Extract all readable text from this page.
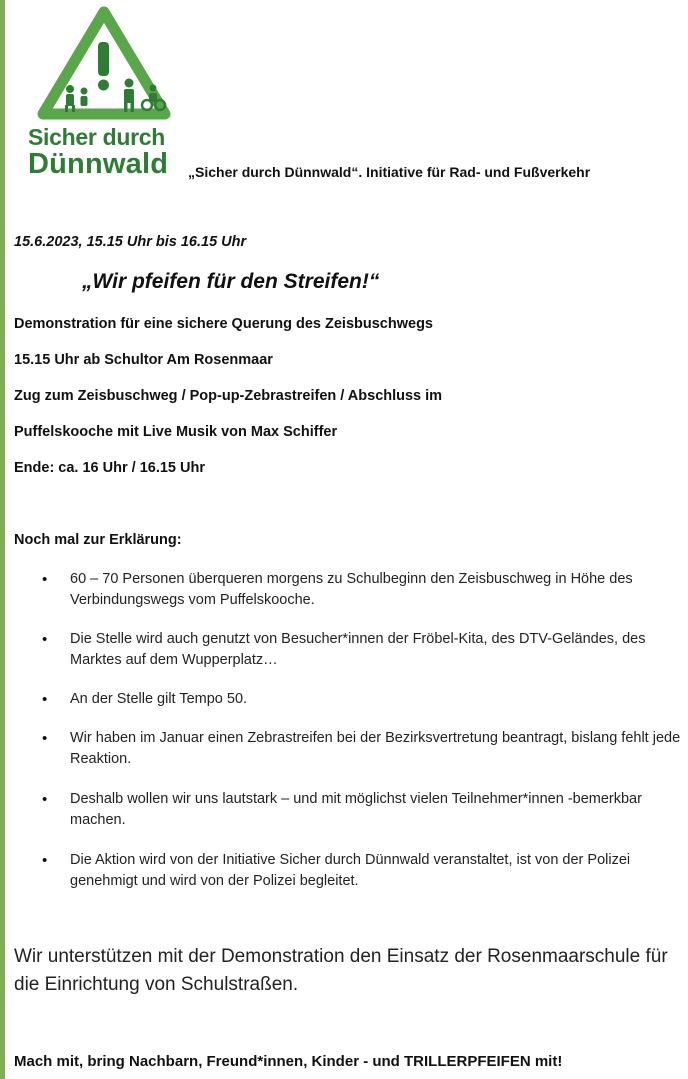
Sicher durch
Dünnwald „Sicher durch Dünnwald“. Initiative für Rad- und Fußverkehr
15.6.2023, 15.15 Uhr bis 16.15 Uhr
„Wir pfeifen für den Streifen!“
Demonstration für eine sichere Querung des Zeisbuschwegs
15.15 Uhr ab Schultor Am Rosenmaar
Zug zum Zeisbuschweg / Pop-up-Zebrastreifen / Abschluss im
Puffelskooche mit Live Musik von Max Schiffer
Ende: ca. 16 Uhr / 16.15 Uhr
Noch mal zur Erklärung:
• 60 – 70 Personen überqueren morgens zu Schulbeginn den Zeisbuschweg in Höhe des Verbindungswegs vom Puffelskooche.
• Die Stelle wird auch genutzt von Besucher*innen der Fröbel-Kita, des DTV-Geländes, des Marktes auf dem Wupperplatz…
• An der Stelle gilt Tempo 50.
• Wir haben im Januar einen Zebrastreifen bei der Bezirksvertretung beantragt, bislang fehlt jede Reaktion.
• Deshalb wollen wir uns lautstark – und mit möglichst vielen Teilnehmer*innen -bemerkbar machen.
• Die Aktion wird von der Initiative Sicher durch Dünnwald veranstaltet, ist von der Polizei genehmigt und wird von der Polizei begleitet.
Wir unterstützen mit der Demonstration den Einsatz der Rosenmaarschule für die Einrichtung von Schulstraßen.
Mach mit, bring Nachbarn, Freund*innen, Kinder - und TRILLERPFEIFEN mit!
